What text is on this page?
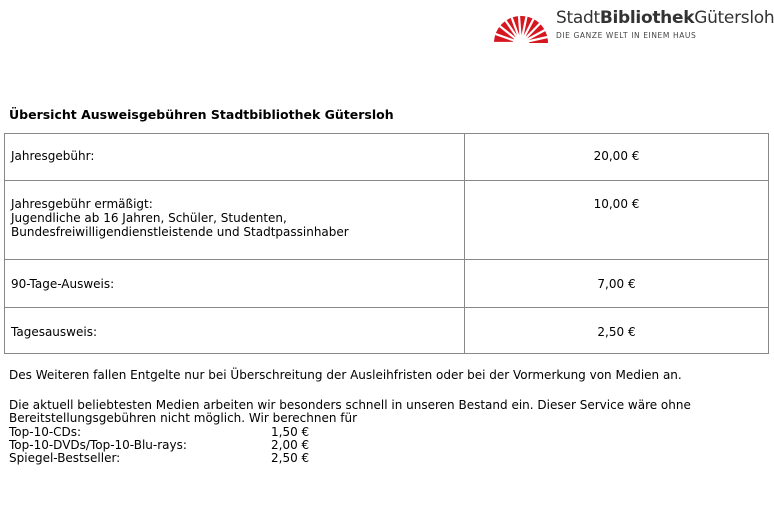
StadtBibliothekGütersloh
DIE GANZE WELT IN EINEM HAUS
Übersicht Ausweisgebühren Stadtbibliothek Gütersloh
Jahresgebühr:	20,00 €

Jahresgebühr ermäßigt:
Jugendliche ab 16 Jahren, Schüler, Studenten,
Bundesfreiwilligendienstleistende und Stadtpassinhaber	10,00 €

90-Tage-Ausweis:	7,00 €

Tagesausweis:	2,50 €
Des Weiteren fallen Entgelte nur bei Überschreitung der Ausleihfristen oder bei der Vormerkung von Medien an.
Die aktuell beliebtesten Medien arbeiten wir besonders schnell in unseren Bestand ein. Dieser Service wäre ohne
Bereitstellungsgebühren nicht möglich. Wir berechnen für
Top-10-CDs:	1,50 €
Top-10-DVDs/Top-10-Blu-rays:	2,00 €
Spiegel-Bestseller:	2,50 €
